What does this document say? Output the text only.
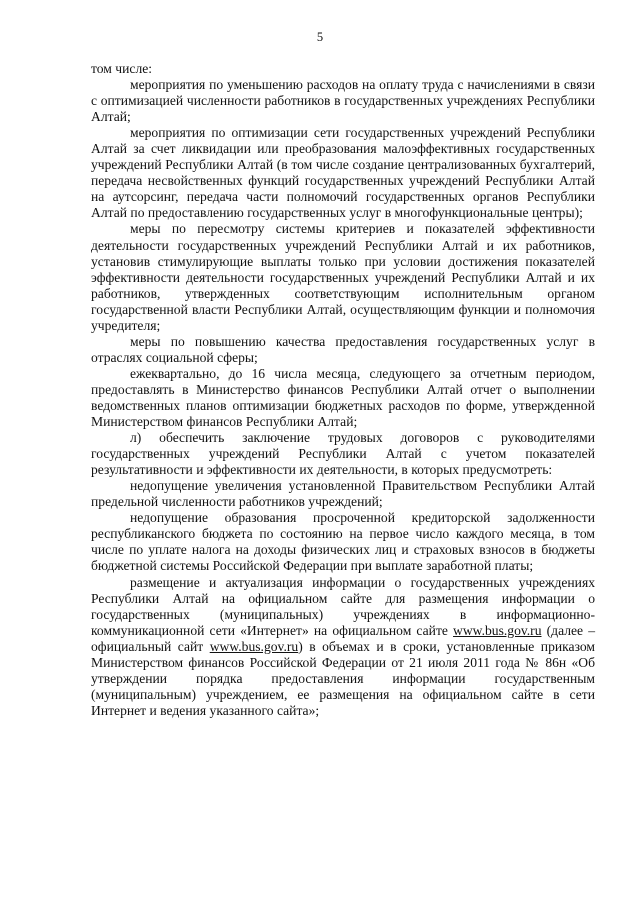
5

том числе:

мероприятия по уменьшению расходов на оплату труда с начислениями в связи с оптимизацией численности работников в государственных учреждениях Республики Алтай;

мероприятия по оптимизации сети государственных учреждений Республики Алтай за счет ликвидации или преобразования малоэффективных государственных учреждений Республики Алтай (в том числе создание централизованных бухгалтерий, передача несвойственных функций государственных учреждений Республики Алтай на аутсорсинг, передача части полномочий государственных органов Республики Алтай по предоставлению государственных услуг в многофункциональные центры);

меры по пересмотру системы критериев и показателей эффективности деятельности государственных учреждений Республики Алтай и их работников, установив стимулирующие выплаты только при условии достижения показателей эффективности деятельности государственных учреждений Республики Алтай и их работников, утвержденных соответствующим исполнительным органом государственной власти Республики Алтай, осуществляющим функции и полномочия учредителя;

меры по повышению качества предоставления государственных услуг в отраслях социальной сферы;

ежеквартально, до 16 числа месяца, следующего за отчетным периодом, предоставлять в Министерство финансов Республики Алтай отчет о выполнении ведомственных планов оптимизации бюджетных расходов по форме, утвержденной Министерством финансов Республики Алтай;

л) обеспечить заключение трудовых договоров с руководителями государственных учреждений Республики Алтай с учетом показателей результативности и эффективности их деятельности, в которых предусмотреть:

недопущение увеличения установленной Правительством Республики Алтай предельной численности работников учреждений;

недопущение образования просроченной кредиторской задолженности республиканского бюджета по состоянию на первое число каждого месяца, в том числе по уплате налога на доходы физических лиц и страховых взносов в бюджеты бюджетной системы Российской Федерации при выплате заработной платы;

размещение и актуализация информации о государственных учреждениях Республики Алтай на официальном сайте для размещения информации о государственных (муниципальных) учреждениях в информационно-коммуникационной сети «Интернет» на официальном сайте www.bus.gov.ru (далее – официальный сайт www.bus.gov.ru) в объемах и в сроки, установленные приказом Министерством финансов Российской Федерации от 21 июля 2011 года № 86н «Об утверждении порядка предоставления информации государственным (муниципальным) учреждением, ее размещения на официальном сайте в сети Интернет и ведения указанного сайта»;
